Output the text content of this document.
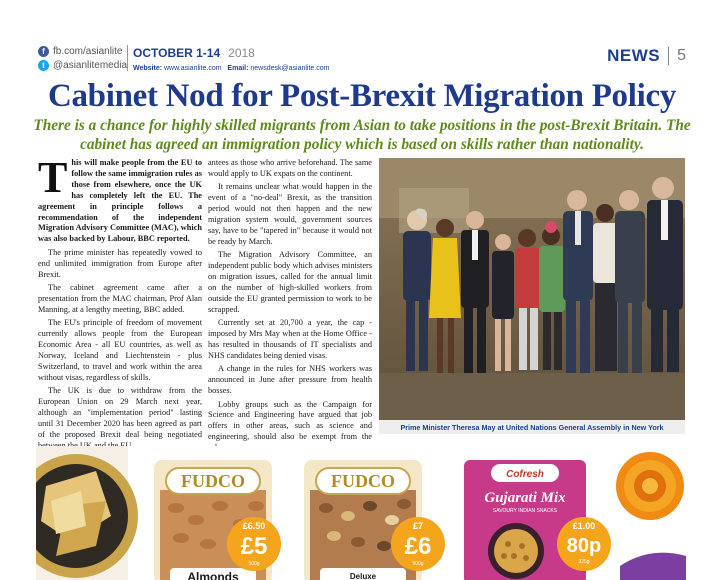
f fb.com/asianlite
t @asianlitemedia
OCTOBER 1-14 2018
Website: www.asianlite.com Email: newsdesk@asianlite.com
NEWS 5
Cabinet Nod for Post-Brexit Migration Policy
There is a chance for highly skilled migrants from Asian to take positions in the post-Brexit Britain. The cabinet has agreed an immigration policy which is based on skills rather than nationality.

This will make people from the EU to follow the same immigration rules as those from elsewhere, once the UK has completely left the EU. The agreement in principle follows a recommendation of the independent Migration Advisory Committee (MAC), which was also backed by Labour, BBC reported.

The prime minister has repeatedly vowed to end unlimited immigration from Europe after Brexit.

The cabinet agreement came after a presentation from the MAC chairman, Prof Alan Manning, at a lengthy meeting, BBC added.

The EU's principle of freedom of movement currently allows people from the European Economic Area - all EU countries, as well as Norway, Iceland and Liechtenstein - plus Switzerland, to travel and work within the area without visas, regardless of skills.

The UK is due to withdraw from the European Union on 29 March next year, although an "implementation period" lasting until 31 December 2020 has been agreed as part of the proposed Brexit deal being negotiated

antees as those who arrive beforehand. The same would apply to UK expats on the continent.

It remains unclear what would happen in the event of a "no-deal" Brexit, as the transition period would not then happen and the new migration system would, government sources say, have to be "tapered in" because it would not be ready by March.

The Migration Advisory Committee, an independent public body which advises ministers on migration issues, called for the annual limit on the number of high-skilled workers from outside the EU granted permission to work to be scrapped.

Currently set at 20,700 a year, the cap - imposed by Mrs May when at the Home Office - has resulted in thousands of IT specialists and NHS candidates being denied visas.

A change in the rules for NHS workers was announced in June after pressure from health bosses.

Lobby groups such as the Campaign for Science and Engineering have argued that job offers in other areas, such as science and engineering, should also be exempt from the

Prime Minister Theresa May at United Nations General Assembly in New York
FUDCO
Almonds
£6.50
£5
500g
FUDCO
Deluxe
£7
£6
500g
Cofresh
Gujarati Mix
SAVOURY INDIAN SNACKS
£1.00
80p
325g
